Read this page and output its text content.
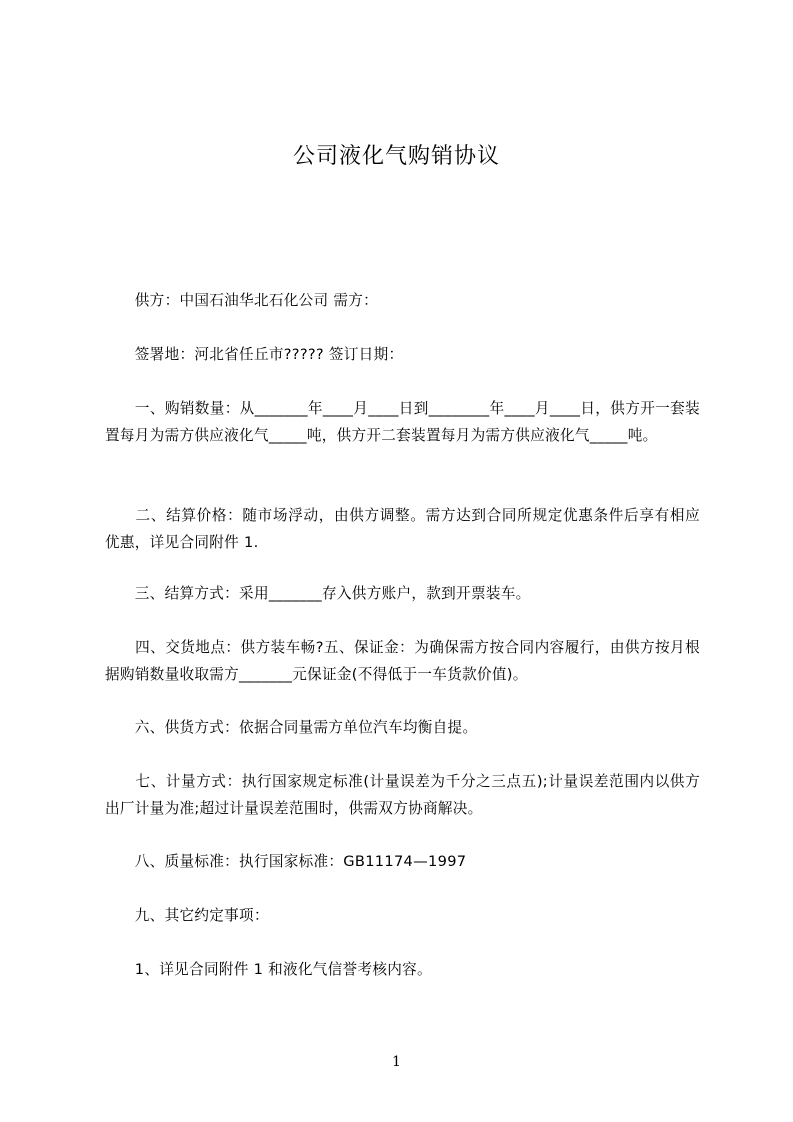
公司液化气购销协议
　　供方：中国石油华北石化公司 需方：
　　签署地：河北省任丘市????? 签订日期：
　　一、购销数量：从_______年____月____日到________年____月____日，供方开一套装置每月为需方供应液化气_____吨，供方开二套装置每月为需方供应液化气_____吨。
　　二、结算价格：随市场浮动，由供方调整。需方达到合同所规定优惠条件后享有相应优惠，详见合同附件 1.
　　三、结算方式：采用_______存入供方账户，款到开票装车。
　　四、交货地点：供方装车畅?五、保证金：为确保需方按合同内容履行，由供方按月根据购销数量收取需方_______元保证金(不得低于一车货款价值)。
　　六、供货方式：依据合同量需方单位汽车均衡自提。
　　七、计量方式：执行国家规定标准(计量误差为千分之三点五);计量误差范围内以供方出厂计量为准;超过计量误差范围时，供需双方协商解决。
　　八、质量标准：执行国家标准：GB11174—1997
　　九、其它约定事项：
　　1、详见合同附件 1 和液化气信誉考核内容。
1
